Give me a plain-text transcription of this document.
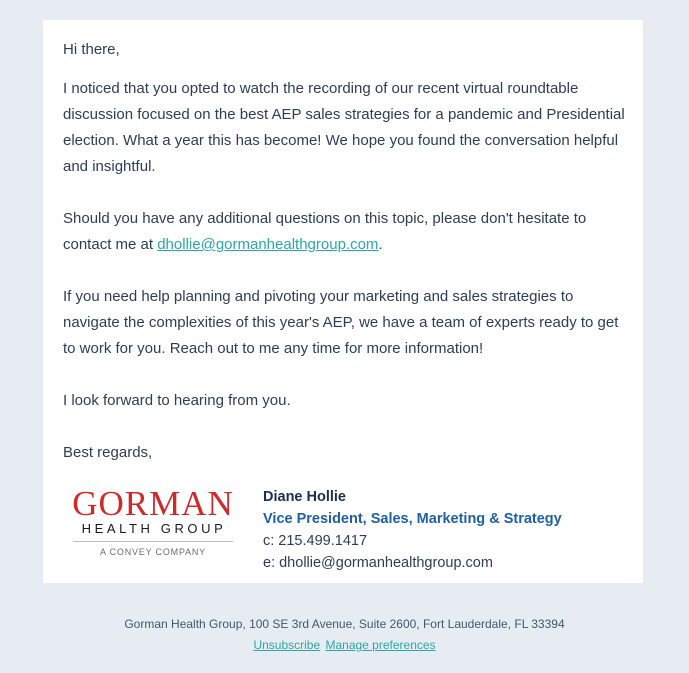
Hi there,

I noticed that you opted to watch the recording of our recent virtual roundtable discussion focused on the best AEP sales strategies for a pandemic and Presidential election. What a year this has become! We hope you found the conversation helpful and insightful.

Should you have any additional questions on this topic, please don't hesitate to contact me at dhollie@gormanhealthgroup.com.

If you need help planning and pivoting your marketing and sales strategies to navigate the complexities of this year's AEP, we have a team of experts ready to get to work for you. Reach out to me any time for more information!

I look forward to hearing from you.

Best regards,

GORMAN
HEALTH GROUP
A CONVEY COMPANY

Diane Hollie

Vice President, Sales, Marketing & Strategy

c: 215.499.1417

e: dhollie@gormanhealthgroup.com

Gorman Health Group, 100 SE 3rd Avenue, Suite 2600, Fort Lauderdale, FL 33394
Unsubscribe Manage preferences
